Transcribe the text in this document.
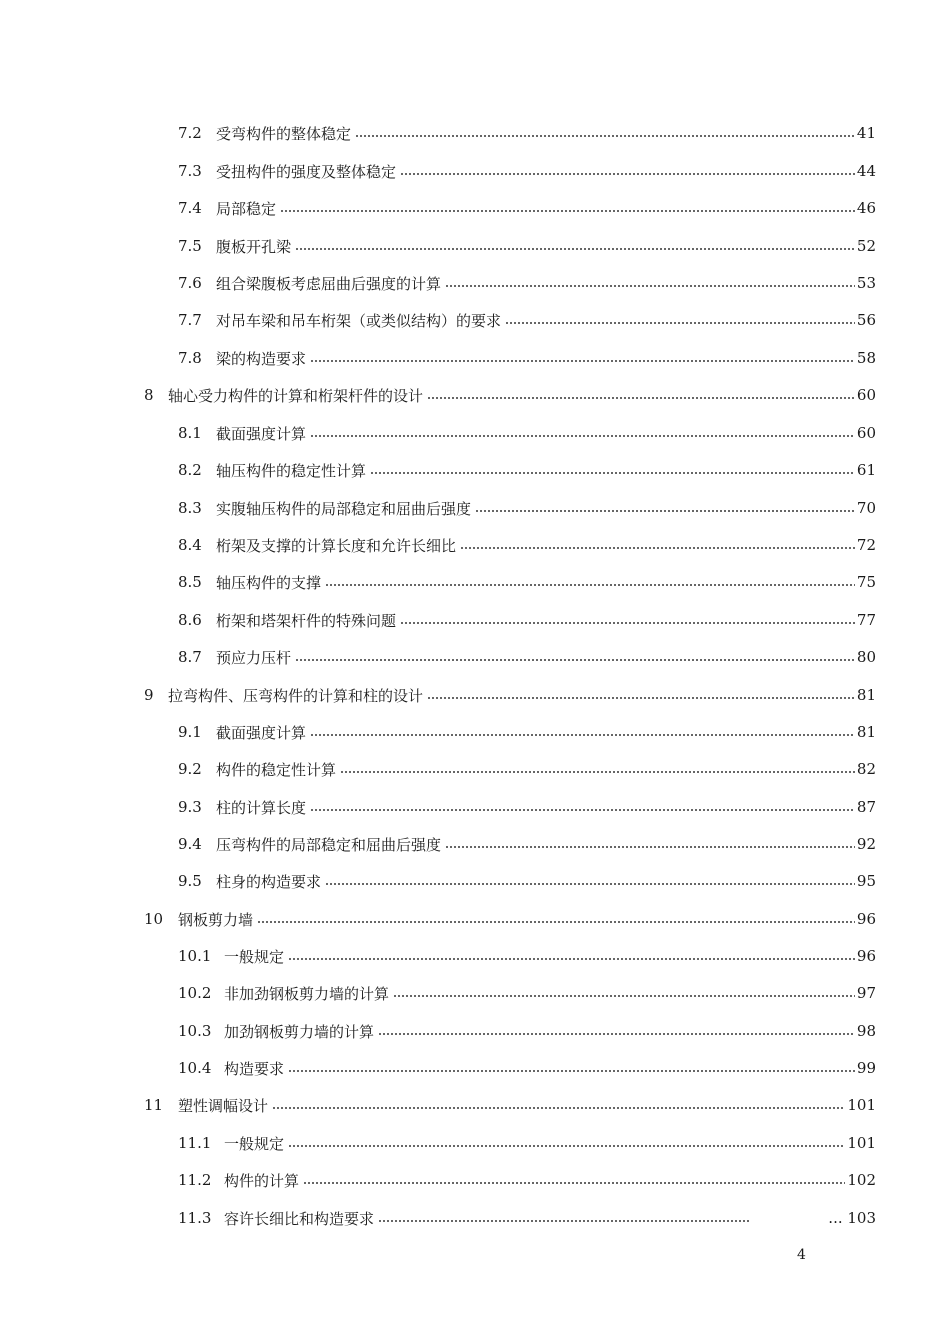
7.2 受弯构件的整体稳定	41
7.3 受扭构件的强度及整体稳定	44
7.4 局部稳定	46
7.5 腹板开孔梁	52
7.6 组合梁腹板考虑屈曲后强度的计算	53
7.7 对吊车梁和吊车桁架（或类似结构）的要求	56
7.8 梁的构造要求	58
8 轴心受力构件的计算和桁架杆件的设计	60
8.1 截面强度计算	60
8.2 轴压构件的稳定性计算	61
8.3 实腹轴压构件的局部稳定和屈曲后强度	70
8.4 桁架及支撑的计算长度和允许长细比	72
8.5 轴压构件的支撑	75
8.6 桁架和塔架杆件的特殊问题	77
8.7 预应力压杆	80
9 拉弯构件、压弯构件的计算和柱的设计	81
9.1 截面强度计算	81
9.2 构件的稳定性计算	82
9.3 柱的计算长度	87
9.4 压弯构件的局部稳定和屈曲后强度	92
9.5 柱身的构造要求	95
10 钢板剪力墙	96
10.1 一般规定	96
10.2 非加劲钢板剪力墙的计算	97
10.3 加劲钢板剪力墙的计算	98
10.4 构造要求	99
11 塑性调幅设计	101
11.1 一般规定	101
11.2 构件的计算	102
11.3 容许长细比和构造要求	... 103
4
